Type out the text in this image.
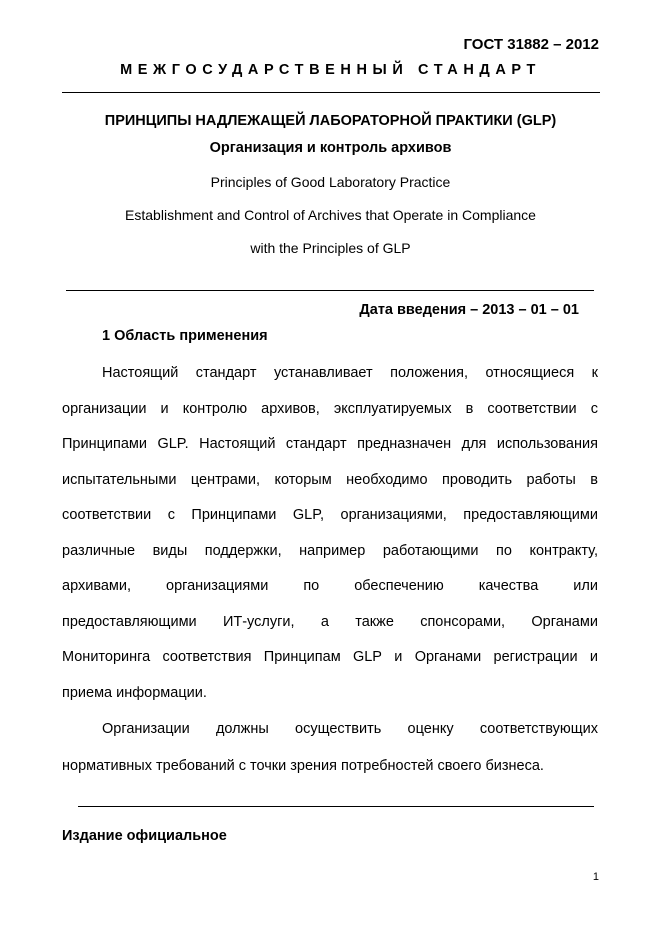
ГОСТ 31882 – 2012
МЕЖГОСУДАРСТВЕННЫЙ СТАНДАРТ
ПРИНЦИПЫ НАДЛЕЖАЩЕЙ ЛАБОРАТОРНОЙ ПРАКТИКИ (GLP)
Организация и контроль архивов
Principles of Good Laboratory Practice
Establishment and Control of Archives that Operate in Compliance
with the Principles of GLP
Дата введения – 2013 – 01 – 01
1 Область применения
Настоящий стандарт устанавливает положения, относящиеся к
организации и контролю архивов, эксплуатируемых в соответствии с
Принципами GLP. Настоящий стандарт предназначен для использования
испытательными центрами, которым необходимо проводить работы в
соответствии с Принципами GLP, организациями, предоставляющими
различные виды поддержки, например работающими по контракту,
архивами, организациями по обеспечению качества или
предоставляющими ИТ-услуги, а также спонсорами, Органами
Мониторинга соответствия Принципам GLP и Органами регистрации и
приема информации.
Организации должны осуществить оценку соответствующих
нормативных требований с точки зрения потребностей своего бизнеса.
Издание официальное
1
